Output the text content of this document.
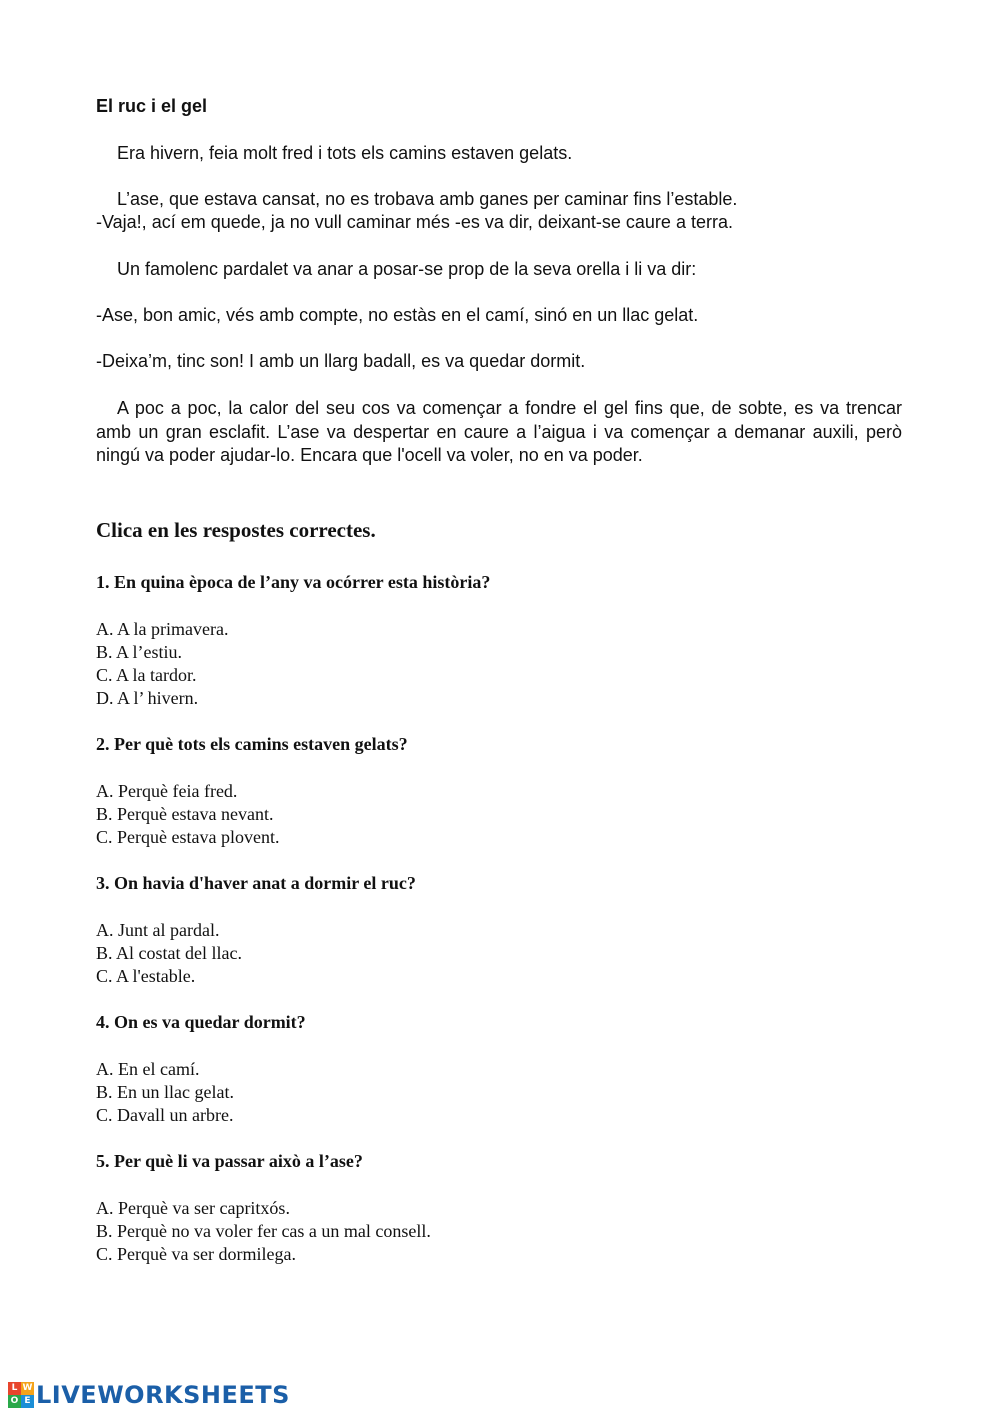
El ruc i el gel
Era hivern, feia molt fred i tots els camins estaven gelats.
L’ase, que estava cansat, no es trobava amb ganes per caminar fins l’estable.
-Vaja!, ací em quede, ja no vull caminar més -es va dir, deixant-se caure a terra.
Un famolenc pardalet va anar a posar-se prop de la seva orella i li va dir:
-Ase, bon amic, vés amb compte, no estàs en el camí, sinó en un llac gelat.
-Deixa’m, tinc son! I amb un llarg badall, es va quedar dormit.

A poc a poc, la calor del seu cos va començar a fondre el gel fins que, de sobte, es va trencar amb un gran esclafit. L’ase va despertar en caure a l’aigua i va començar a demanar auxili, però ningú va poder ajudar-lo. Encara que l'ocell va voler, no en va poder.

Clica en les respostes correctes.
1. En quina època de l’any va ocórrer esta història?
A. A la primavera.
B. A l’estiu.
C. A la tardor.
D. A l’ hivern.
2. Per què tots els camins estaven gelats?
A. Perquè feia fred.
B. Perquè estava nevant.
C. Perquè estava plovent.
3. On havia d'haver anat a dormir el ruc?
A. Junt al pardal.
B. Al costat del llac.
C. A l'estable.
4. On es va quedar dormit?
A. En el camí.
B. En un llac gelat.
C. Davall un arbre.
5. Per què li va passar això a l’ase?
A. Perquè va ser capritxós.
B. Perquè no va voler fer cas a un mal consell.
C. Perquè va ser dormilega.
L W
O E LIVEWORKSHEETS
